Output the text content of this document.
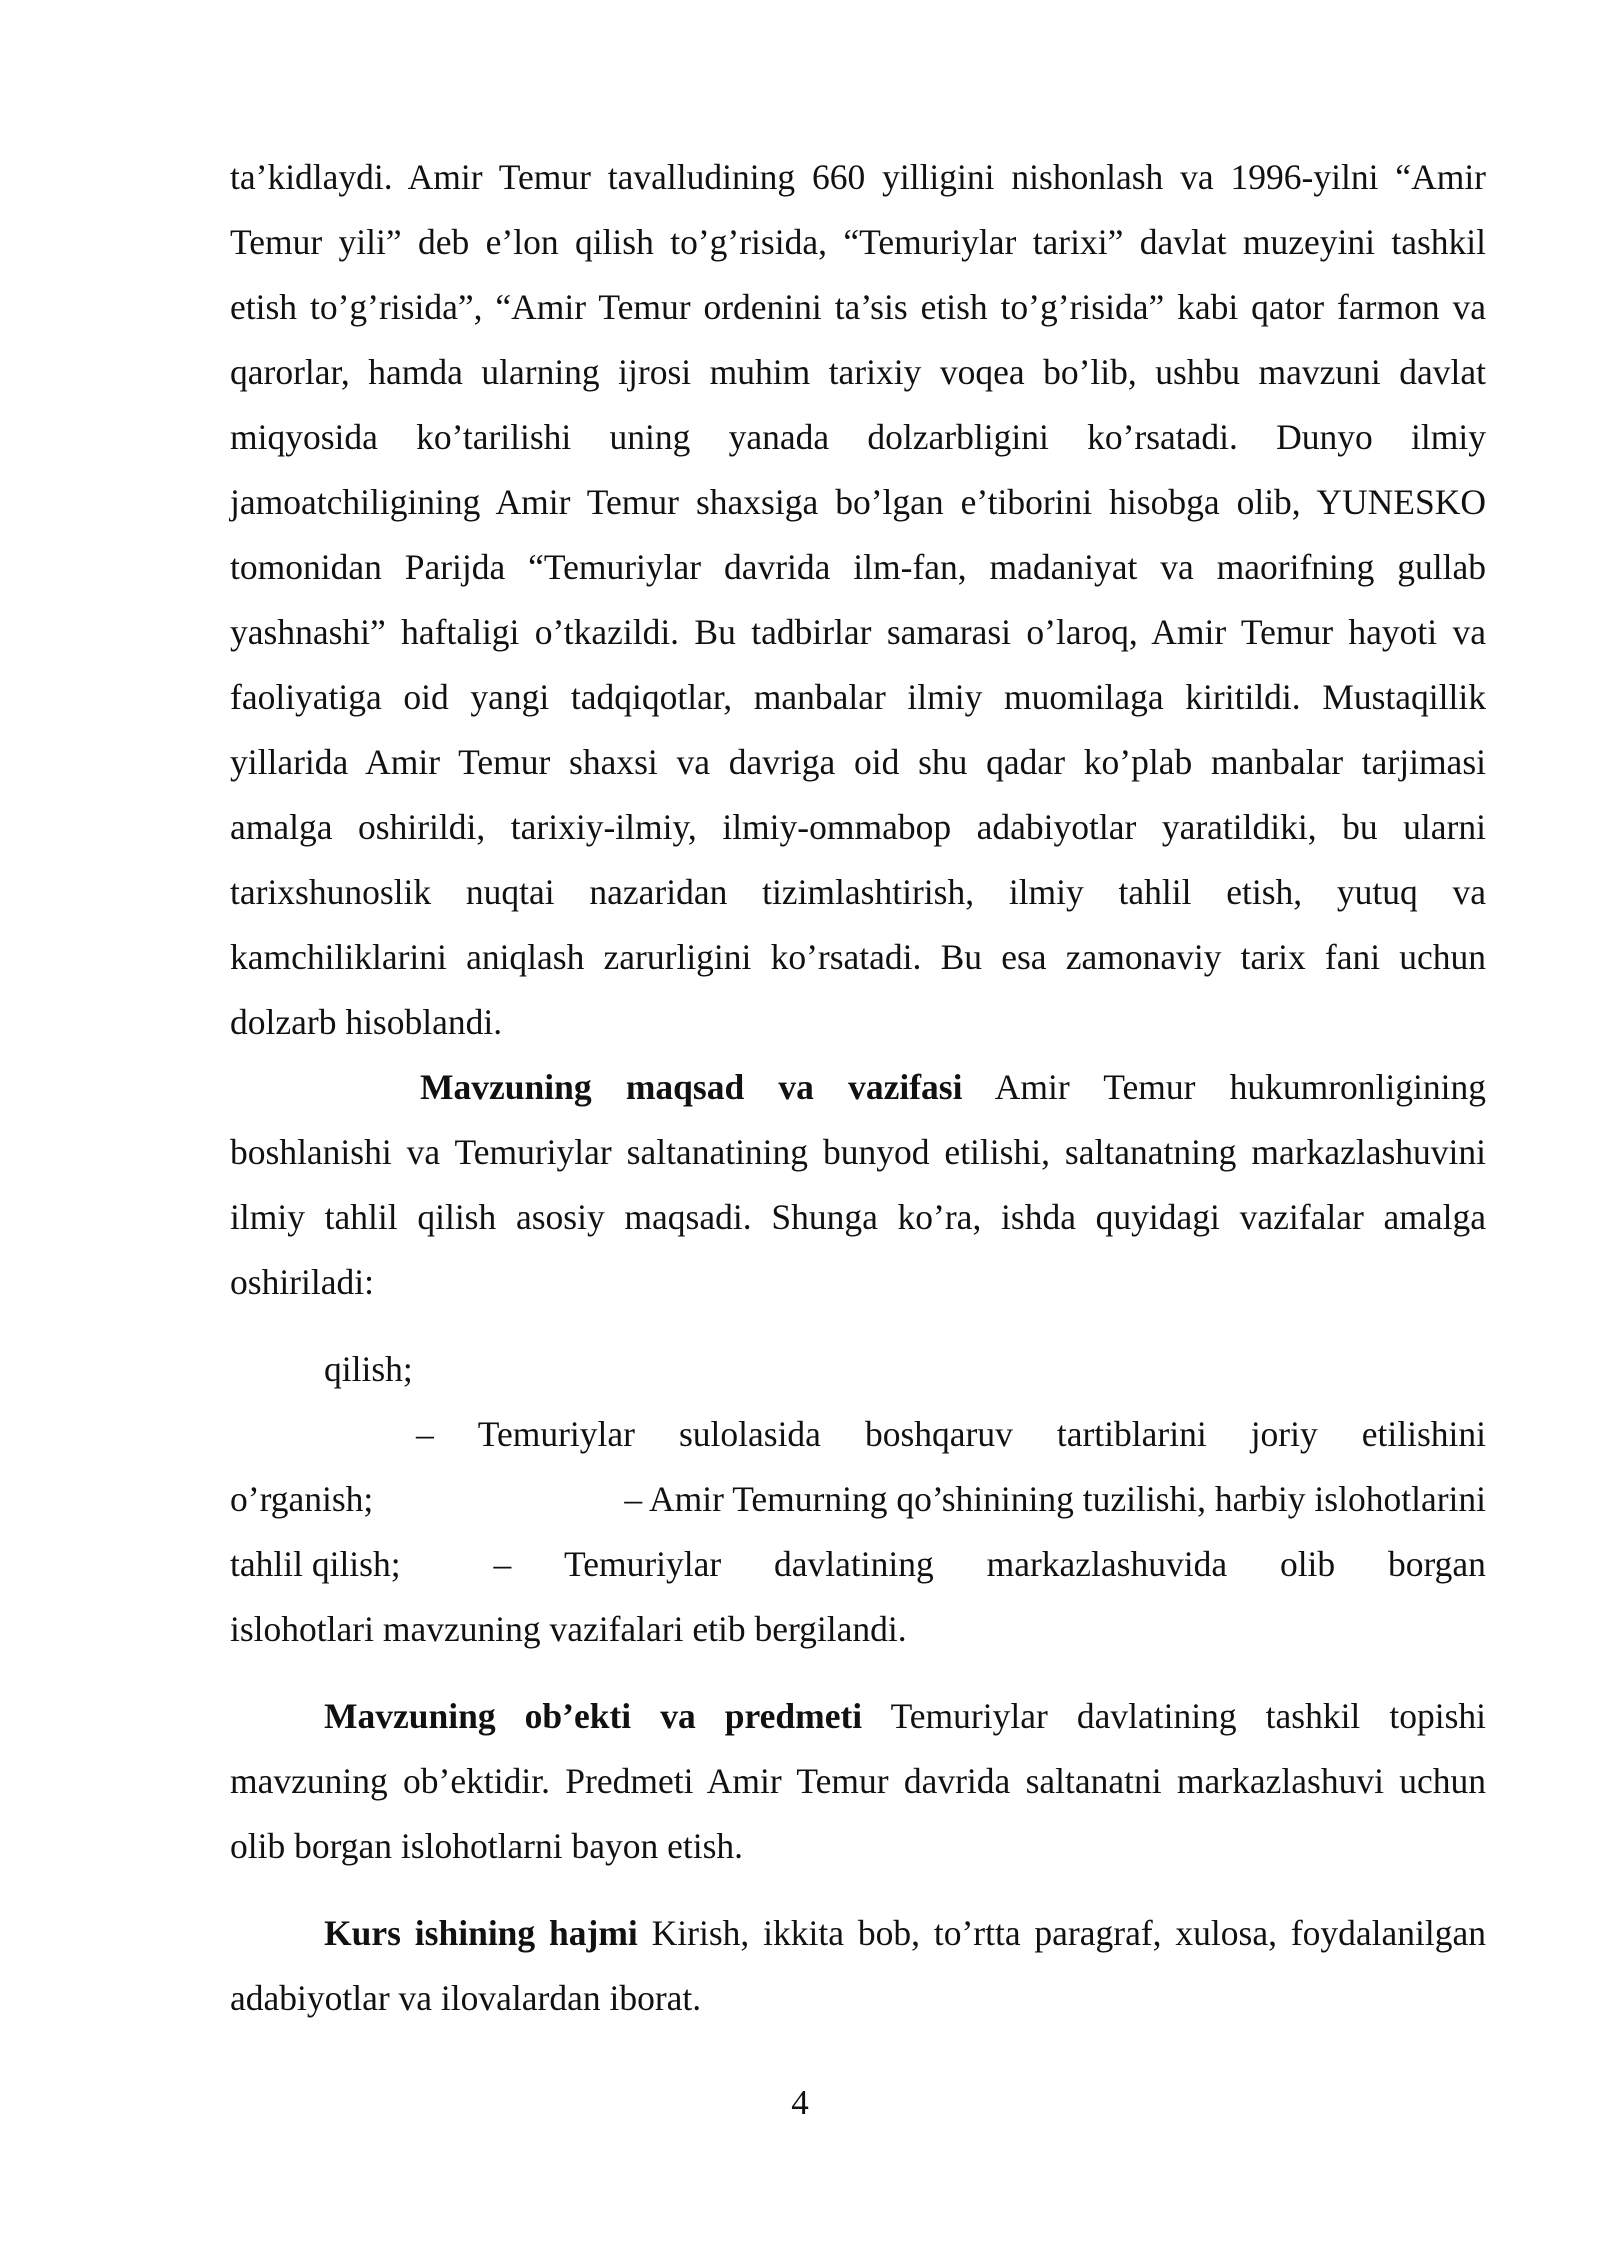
ta’kidlaydi. Amir Temur tavalludining 660 yilligini nishonlash va 1996-yilni “Amir Temur yili” deb e’lon qilish to’g’risida, “Temuriylar tarixi” davlat muzeyini tashkil etish to’g’risida”, “Amir Temur ordenini ta’sis etish to’g’risida” kabi qator farmon va qarorlar, hamda ularning ijrosi muhim tarixiy voqea bo’lib, ushbu mavzuni davlat miqyosida ko’tarilishi uning yanada dolzarbligini ko’rsatadi. Dunyo ilmiy jamoatchiligining Amir Temur shaxsiga bo’lgan e’tiborini hisobga olib, YUNESKO tomonidan Parijda “Temuriylar davrida ilm-fan, madaniyat va maorifning gullab yashnashi” haftaligi o’tkazildi. Bu tadbirlar samarasi o’laroq, Amir Temur hayoti va faoliyatiga oid yangi tadqiqotlar, manbalar ilmiy muomilaga kiritildi. Mustaqillik yillarida Amir Temur shaxsi va davriga oid shu qadar ko’plab manbalar tarjimasi amalga oshirildi, tarixiy-ilmiy, ilmiy-ommabop adabiyotlar yaratildiki, bu ularni tarixshunoslik nuqtai nazaridan tizimlashtirish, ilmiy tahlil etish, yutuq va kamchiliklarini aniqlash zarurligini ko’rsatadi. Bu esa zamonaviy tarix fani uchun dolzarb hisoblandi.

Mavzuning maqsad va vazifasi Amir Temur hukumronligining boshlanishi va Temuriylar saltanatining bunyod etilishi, saltanatning markazlashuvini ilmiy tahlil qilish asosiy maqsadi. Shunga ko’ra, ishda quyidagi vazifalar amalga oshiriladi:

qilish;

– Temuriylar sulolasida boshqaruv tartiblarini joriy etilishini
o’rganish;	– Amir Temurning qo’shinining tuzilishi, harbiy islohotlarini
tahlil qilish;	– Temuriylar davlatining markazlashuvida olib borgan
islohotlari mavzuning vazifalari etib bergilandi.

Mavzuning ob’ekti va predmeti Temuriylar davlatining tashkil topishi mavzuning ob’ektidir. Predmeti Amir Temur davrida saltanatni markazlashuvi uchun olib borgan islohotlarni bayon etish.

Kurs ishining hajmi Kirish, ikkita bob, to’rtta paragraf, xulosa, foydalanilgan adabiyotlar va ilovalardan iborat.

4
